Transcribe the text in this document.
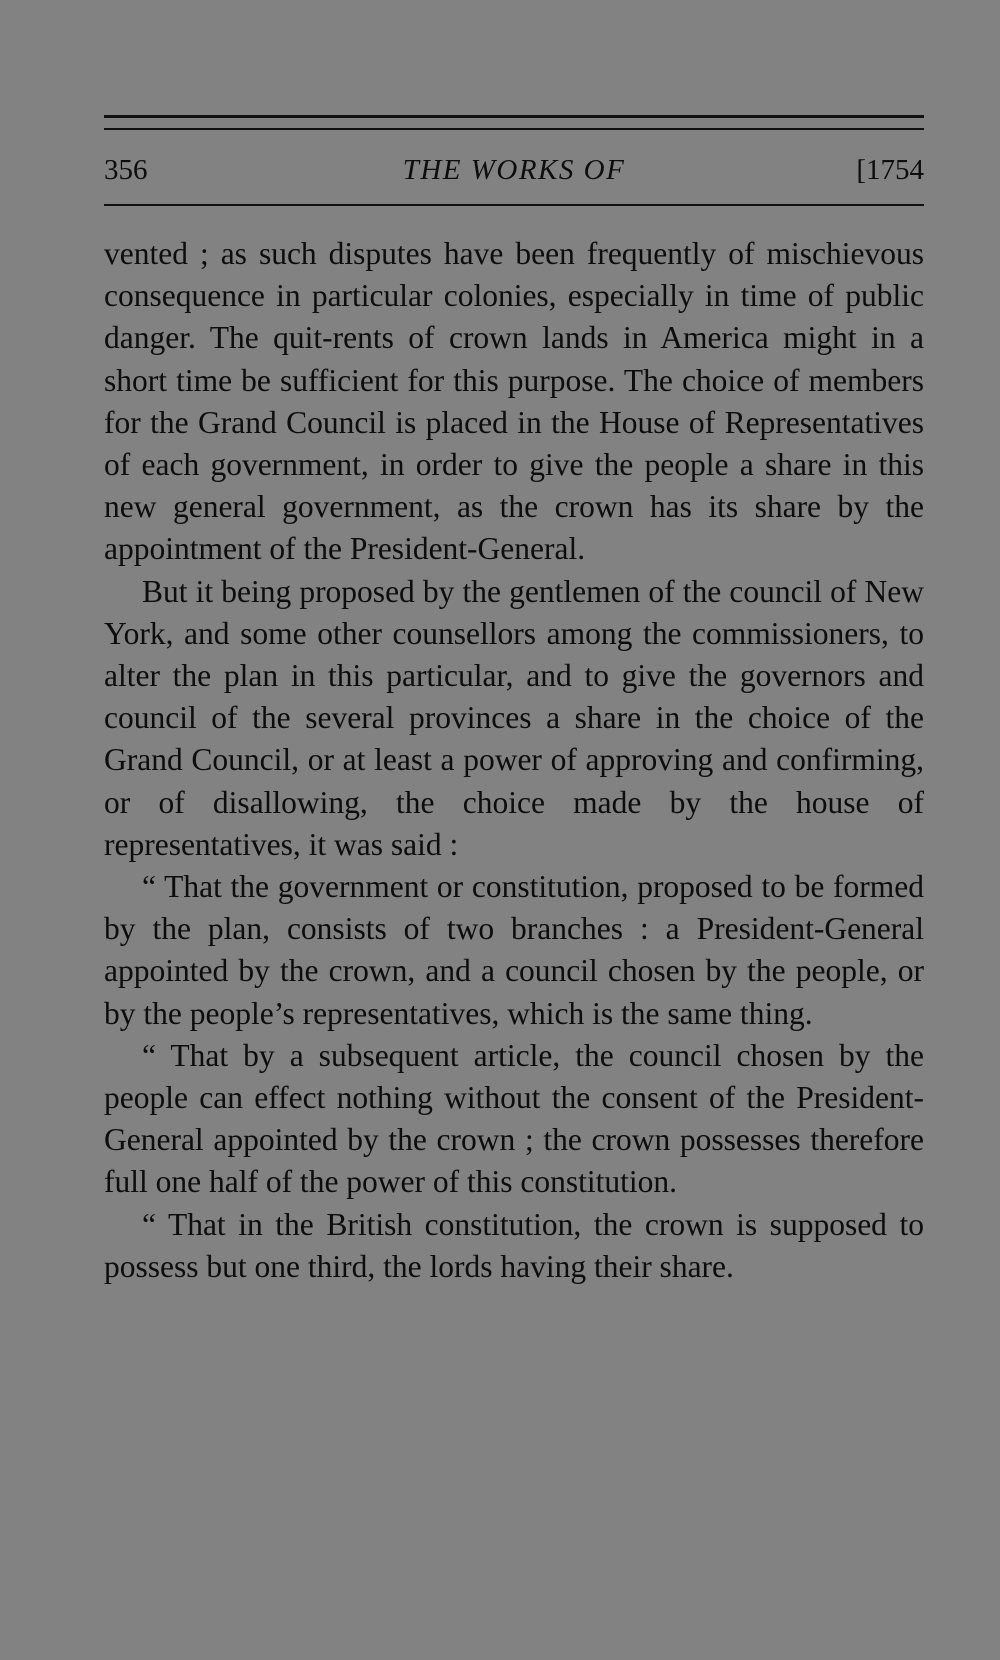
356	THE WORKS OF	[1754

vented ; as such disputes have been frequently of mischievous consequence in particular colonies, especially in time of public danger. The quit-rents of crown lands in America might in a short time be sufficient for this purpose. The choice of members for the Grand Council is placed in the House of Representatives of each government, in order to give the people a share in this new general government, as the crown has its share by the appointment of the President-General.

But it being proposed by the gentlemen of the council of New York, and some other counsellors among the commissioners, to alter the plan in this particular, and to give the governors and council of the several provinces a share in the choice of the Grand Council, or at least a power of approving and confirming, or of disallowing, the choice made by the house of representatives, it was said :

“ That the government or constitution, proposed to be formed by the plan, consists of two branches : a President-General appointed by the crown, and a council chosen by the people, or by the people’s representatives, which is the same thing.

“ That by a subsequent article, the council chosen by the people can effect nothing without the consent of the President-General appointed by the crown ; the crown possesses therefore full one half of the power of this constitution.

“ That in the British constitution, the crown is supposed to possess but one third, the lords having their share.
